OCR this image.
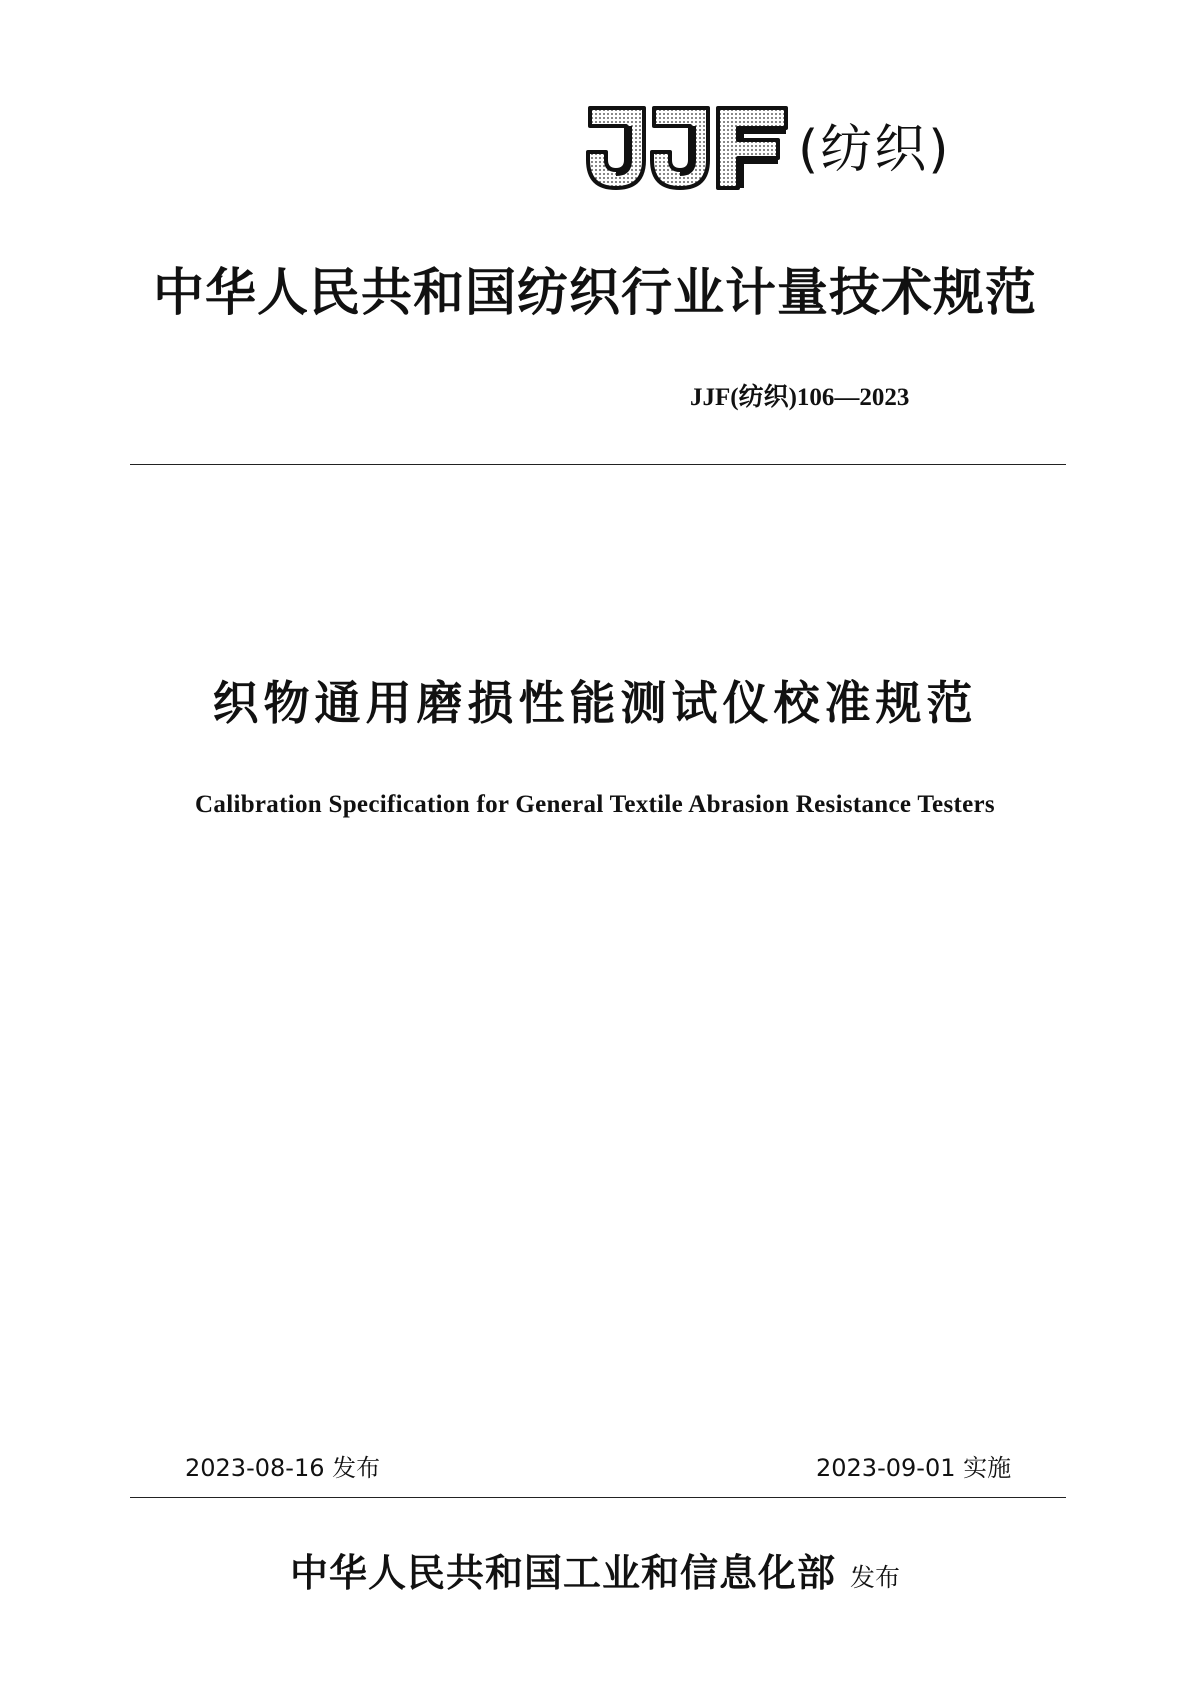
(纺织)
中华人民共和国纺织行业计量技术规范
JJF(纺织)106—2023
织物通用磨损性能测试仪校准规范
Calibration Specification for General Textile Abrasion Resistance Testers
2023-08-16 发布	2023-09-01 实施
中华人民共和国工业和信息化部 发布
